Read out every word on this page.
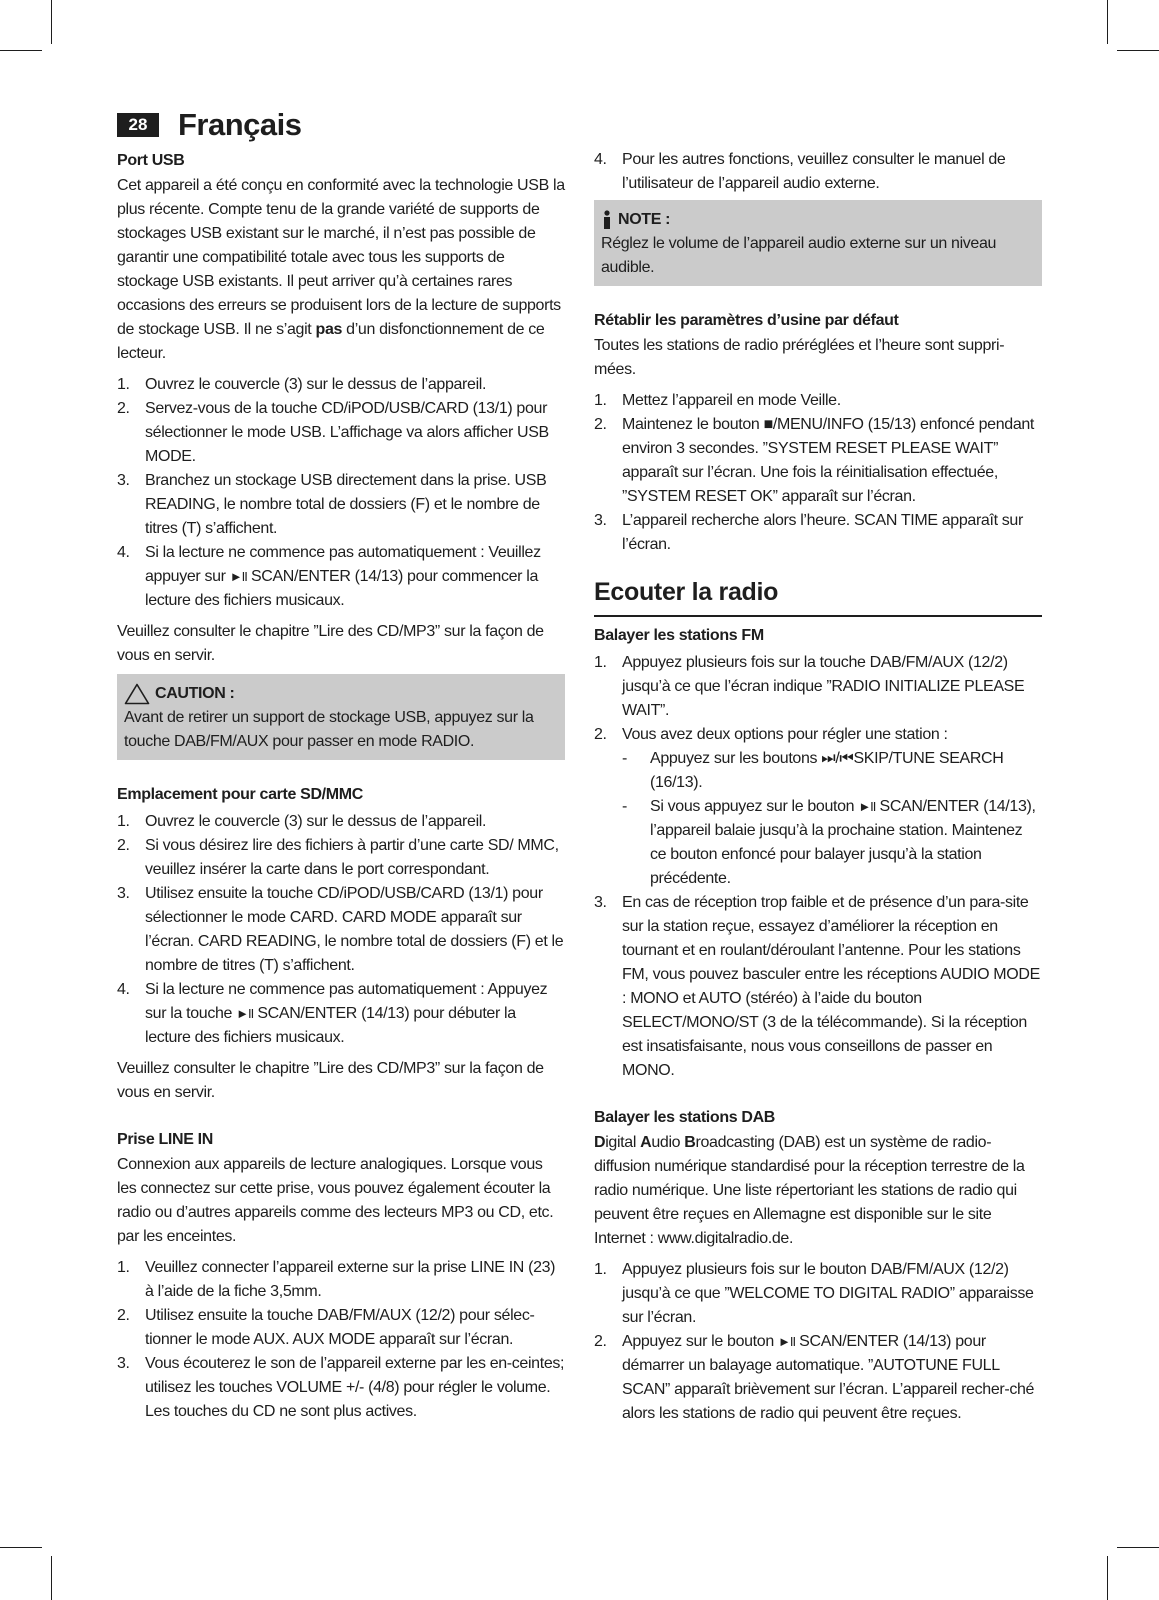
28 Français
Port USB

Cet appareil a été conçu en conformité avec la technologie USB la plus récente. Compte tenu de la grande variété de supports de stockages USB existant sur le marché, il n’est pas possible de garantir une compatibilité totale avec tous les supports de stockage USB existants. Il peut arriver qu’à certaines rares occasions des erreurs se produisent lors de la lecture de supports de stockage USB. Il ne s’agit pas d’un disfonctionnement de ce lecteur.

1. Ouvrez le couvercle (3) sur le dessus de l’appareil.
2. Servez-vous de la touche CD/iPOD/USB/CARD (13/1) pour sélectionner le mode USB. L’affichage va alors afficher USB MODE.
3. Branchez un stockage USB directement dans la prise. USB READING, le nombre total de dossiers (F) et le nombre de titres (T) s’affichent.
4. Si la lecture ne commence pas automatiquement : Veuillez appuyer sur ►II SCAN/ENTER (14/13) pour commencer la lecture des fichiers musicaux.

Veuillez consulter le chapitre ”Lire des CD/MP3” sur la façon de vous en servir.

CAUTION :

Avant de retirer un support de stockage USB, appuyez sur la touche DAB/FM/AUX pour passer en mode RADIO.

Emplacement pour carte SD/MMC
1. Ouvrez le couvercle (3) sur le dessus de l’appareil.
2. Si vous désirez lire des fichiers à partir d’une carte SD/ MMC, veuillez insérer la carte dans le port correspondant.
3. Utilisez ensuite la touche CD/iPOD/USB/CARD (13/1) pour sélectionner le mode CARD. CARD MODE apparaît sur l’écran. CARD READING, le nombre total de dossiers (F) et le nombre de titres (T) s’affichent.
4. Si la lecture ne commence pas automatiquement : Appuyez sur la touche ►II SCAN/ENTER (14/13) pour débuter la lecture des fichiers musicaux.

Veuillez consulter le chapitre ”Lire des CD/MP3” sur la façon de vous en servir.

Prise LINE IN

Connexion aux appareils de lecture analogiques. Lorsque vous les connectez sur cette prise, vous pouvez également écouter la radio ou d’autres appareils comme des lecteurs MP3 ou CD, etc. par les enceintes.

1. Veuillez connecter l’appareil externe sur la prise LINE IN (23) à l’aide de la fiche 3,5mm.
2. Utilisez ensuite la touche DAB/FM/AUX (12/2) pour sélec-tionner le mode AUX. AUX MODE apparaît sur l’écran.
3. Vous écouterez le son de l’appareil externe par les en-ceintes; utilisez les touches VOLUME +/- (4/8) pour régler le volume. Les touches du CD ne sont plus actives.
4. Pour les autres fonctions, veuillez consulter le manuel de l’utilisateur de l’appareil audio externe.
NOTE :

Réglez le volume de l’appareil audio externe sur un niveau audible.

Rétablir les paramètres d’usine par défaut

Toutes les stations de radio préréglées et l’heure sont suppri-mées.

1. Mettez l’appareil en mode Veille.
2. Maintenez le bouton ■/MENU/INFO (15/13) enfoncé pendant environ 3 secondes. ”SYSTEM RESET PLEASE WAIT” apparaît sur l’écran. Une fois la réinitialisation effectuée, ”SYSTEM RESET OK” apparaît sur l’écran.
3. L’appareil recherche alors l’heure. SCAN TIME apparaît sur l’écran.
Ecouter la radio
Balayer les stations FM
1. Appuyez plusieurs fois sur la touche DAB/FM/AUX (12/2) jusqu’à ce que l’écran indique ”RADIO INITIALIZE PLEASE WAIT”.
2. Vous avez deux options pour régler une station :
- Appuyez sur les boutons ⏭/⏮SKIP/TUNE SEARCH (16/13).
- Si vous appuyez sur le bouton ►II SCAN/ENTER (14/13), l’appareil balaie jusqu’à la prochaine station. Maintenez ce bouton enfoncé pour balayer jusqu’à la station précédente.
3. En cas de réception trop faible et de présence d’un para-site sur la station reçue, essayez d’améliorer la réception en tournant et en roulant/déroulant l’antenne. Pour les stations FM, vous pouvez basculer entre les réceptions AUDIO MODE : MONO et AUTO (stéréo) à l’aide du bouton SELECT/MONO/ST (3 de la télécommande). Si la réception est insatisfaisante, nous vous conseillons de passer en MONO.
Balayer les stations DAB

Digital Audio Broadcasting (DAB) est un système de radio-diffusion numérique standardisé pour la réception terrestre de la radio numérique. Une liste répertoriant les stations de radio qui peuvent être reçues en Allemagne est disponible sur le site Internet : www.digitalradio.de.

1. Appuyez plusieurs fois sur le bouton DAB/FM/AUX (12/2) jusqu’à ce que ”WELCOME TO DIGITAL RADIO” apparaisse sur l’écran.
2. Appuyez sur le bouton ►II SCAN/ENTER (14/13) pour démarrer un balayage automatique. ”AUTOTUNE FULL SCAN” apparaît brièvement sur l’écran. L’appareil recher-ché alors les stations de radio qui peuvent être reçues.
